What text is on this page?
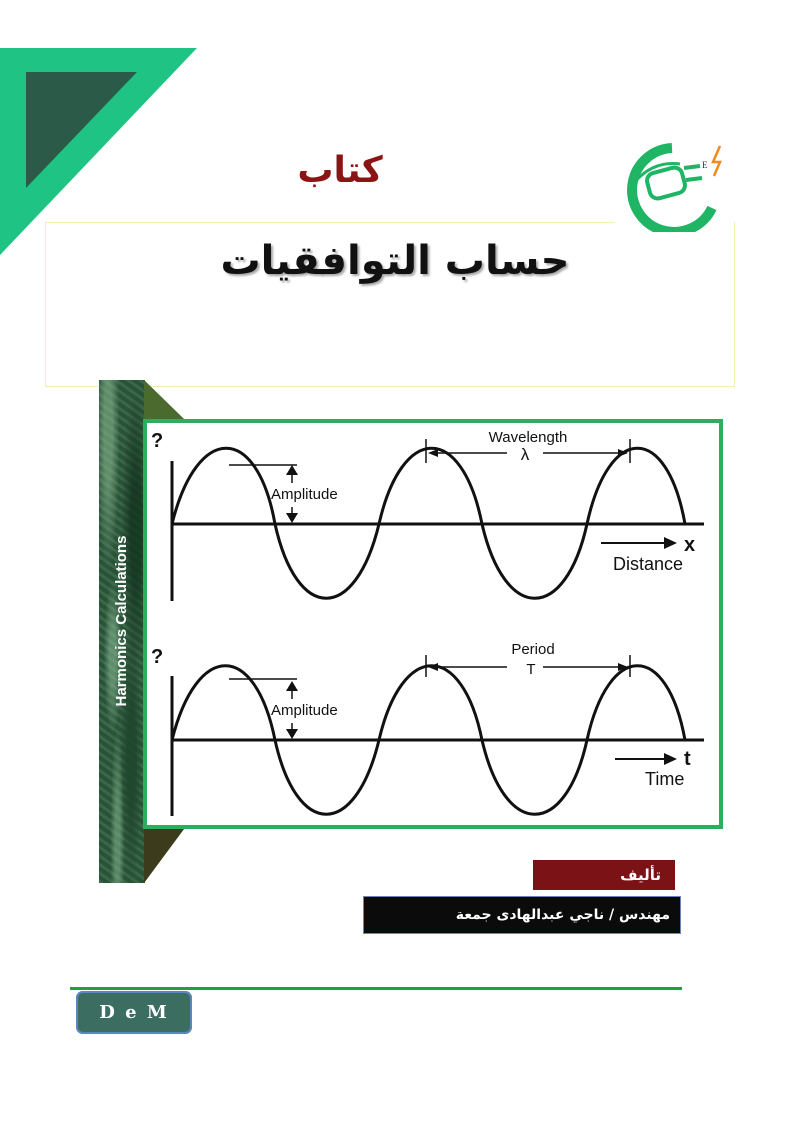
E
كتاب
حساب التوافقيات
Harmonics Calculations
?
Amplitude
Wavelength
λ
x
Distance
?
Amplitude
Period
T
t
Time
تأليف
مهندس / ناجي عبدالهادى جمعة
D e M
